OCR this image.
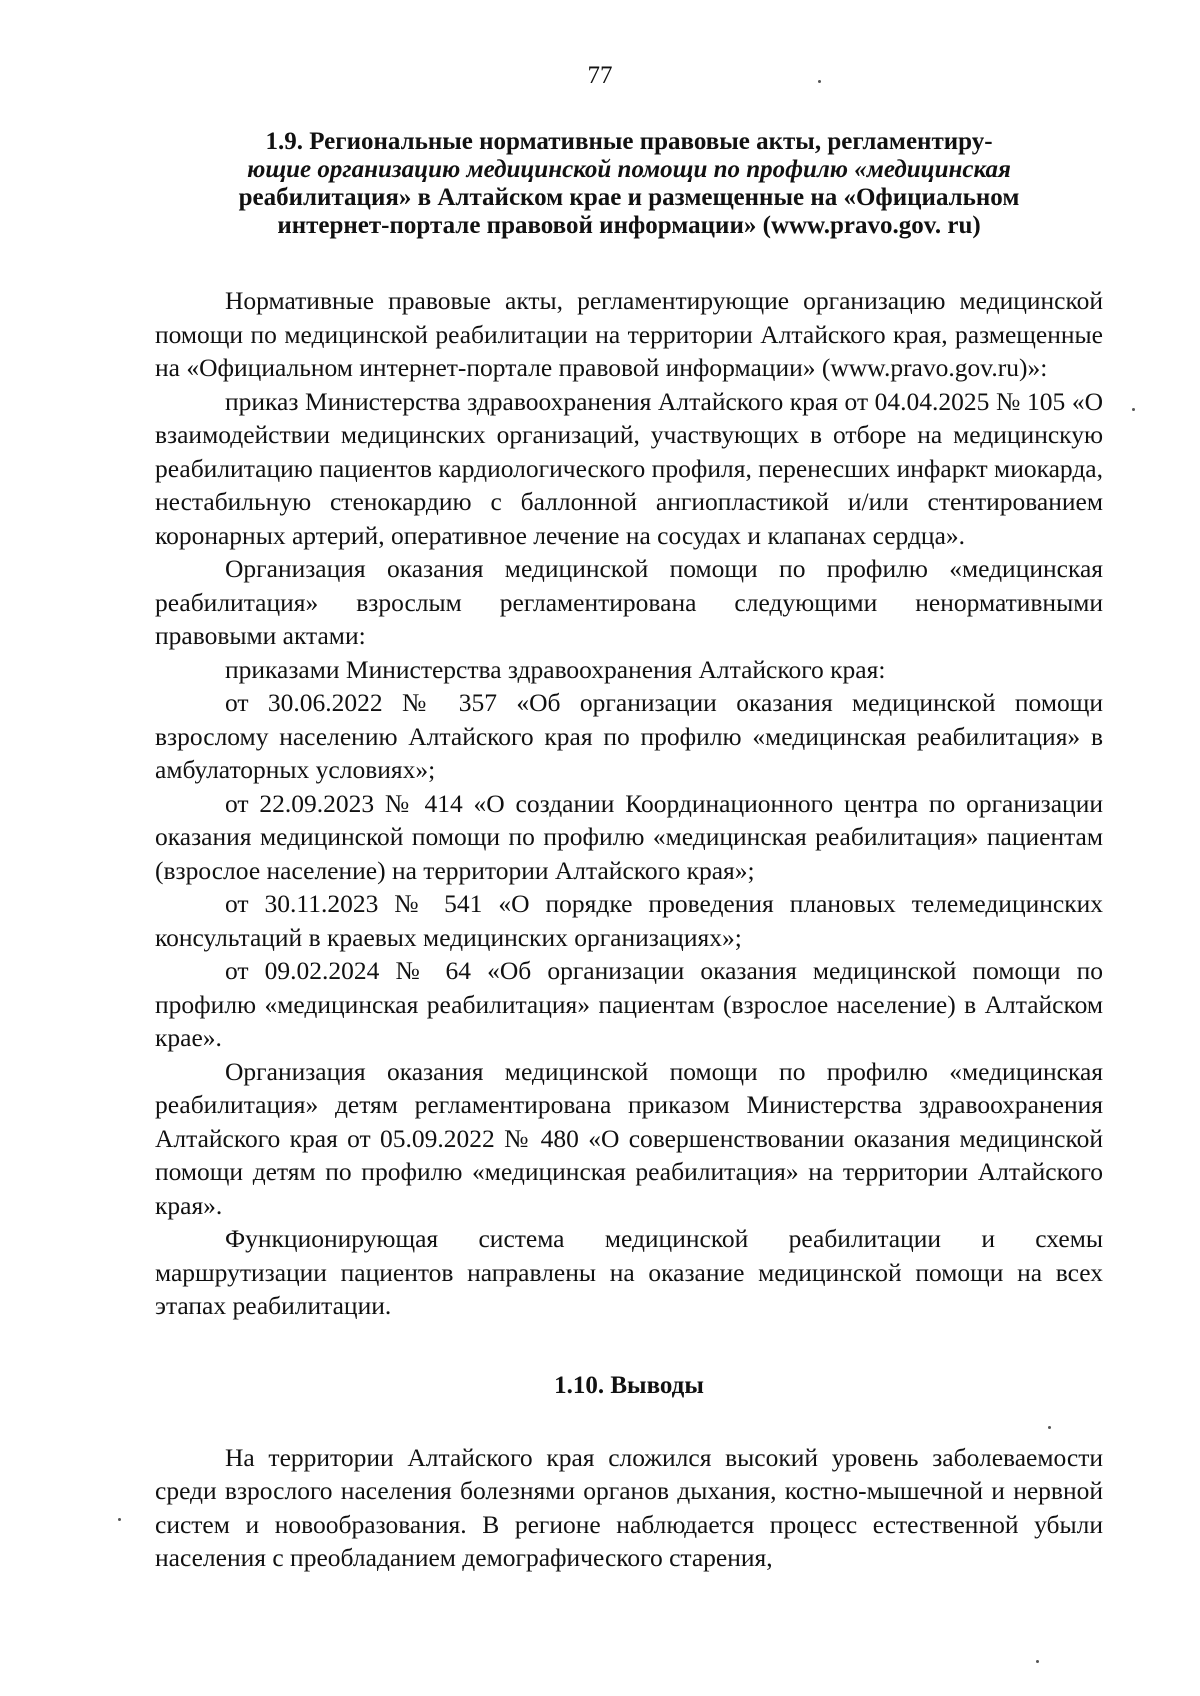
77
1.9. Региональные нормативные правовые акты, регламентиру-
ющие организацию медицинской помощи по профилю «медицинская
реабилитация» в Алтайском крае и размещенные на «Официальном
интернет-портале правовой информации» (www.pravo.gov. ru)

Нормативные правовые акты, регламентирующие организацию медицинской помощи по медицинской реабилитации на территории Алтайского края, размещенные на «Официальном интернет-портале правовой информации» (www.pravo.gov.ru)»:

приказ Министерства здравоохранения Алтайского края от 04.04.2025 № 105 «О взаимодействии медицинских организаций, участвующих в отборе на медицинскую реабилитацию пациентов кардиологического профиля, перенесших инфаркт миокарда, нестабильную стенокардию с баллонной ангиопластикой и/или стентированием коронарных артерий, оперативное лечение на сосудах и клапанах сердца».

Организация оказания медицинской помощи по профилю «медицинская реабилитация» взрослым регламентирована следующими ненормативными правовыми актами:

приказами Министерства здравоохранения Алтайского края:

от 30.06.2022 № 357 «Об организации оказания медицинской помощи взрослому населению Алтайского края по профилю «медицинская реабилитация» в амбулаторных условиях»;

от 22.09.2023 № 414 «О создании Координационного центра по организации оказания медицинской помощи по профилю «медицинская реабилитация» пациентам (взрослое население) на территории Алтайского края»;

от 30.11.2023 № 541 «О порядке проведения плановых телемедицинских консультаций в краевых медицинских организациях»;

от 09.02.2024 № 64 «Об организации оказания медицинской помощи по профилю «медицинская реабилитация» пациентам (взрослое население) в Алтайском крае».

Организация оказания медицинской помощи по профилю «медицинская реабилитация» детям регламентирована приказом Министерства здравоохранения Алтайского края от 05.09.2022 № 480 «О совершенствовании оказания медицинской помощи детям по профилю «медицинская реабилитация» на территории Алтайского края».

Функционирующая система медицинской реабилитации и схемы маршрутизации пациентов направлены на оказание медицинской помощи на всех этапах реабилитации.

1.10. Выводы

На территории Алтайского края сложился высокий уровень заболеваемости среди взрослого населения болезнями органов дыхания, костно-мышечной и нервной систем и новообразования. В регионе наблюдается процесс естественной убыли населения с преобладанием демографического старения,
